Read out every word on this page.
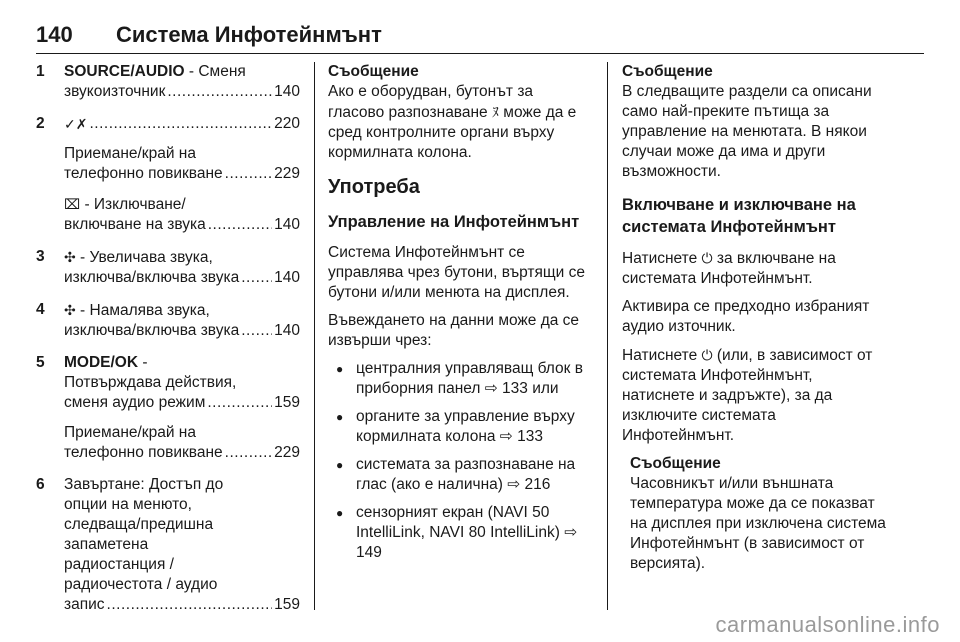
140 Система Инфотейнмънт
1 SOURCE/AUDIO - Сменя
звукоизточник .....	140
2 ✓✗ .....	220
Приемане/край на
телефонно повикване .....	229
⌧ - Изключване/
включване на звука .....	140
3 ✣ - Увеличава звука,
изключва/включва звука ..... 140
4 ✣ - Намалява звука,
изключва/включва звука ..... 140
5 MODE/OK -
Потвърждава действия,
сменя аудио режим .....	159
Приемане/край на
телефонно повикване .....	229
6 Завъртане: Достъп до
опции на менюто,
следваща/предишна
запаметена
радиостанция /
радиочестота / аудио
запис .....	159
Съобщение
Ако е оборудван, бутонът за гласово разпознаване ﾇ може да е сред контролните органи върху кормилната колона.
Употреба
Управление на Инфотейнмънт

Система Инфотейнмънт се управлява чрез бутони, въртящи се бутони и/или менюта на дисплея.

Въвеждането на данни може да се извърши чрез:

● централния управляващ блок в приборния панел ⇨ 133 или
● органите за управление върху кормилната колона ⇨ 133
● системата за разпознаване на глас (ако е налична) ⇨ 216
● сензорният екран (NAVI 50 IntelliLink, NAVI 80 IntelliLink) ⇨ 149
Съобщение
В следващите раздели са описани само най-преките пътища за управление на менютата. В някои случаи може да има и други възможности.
Включване и изключване на системата Инфотейнмънт

Натиснете ⏻ за включване на системата Инфотейнмънт.

Активира се предходно избраният аудио източник.

Натиснете ⏻ (или, в зависимост от системата Инфотейнмънт, натиснете и задръжте), за да изключите системата Инфотейнмънт.

Съобщение
Часовникът и/или външната температура може да се показват на дисплея при изключена система Инфотейнмънт (в зависимост от версията).
carmanualsonline.info
